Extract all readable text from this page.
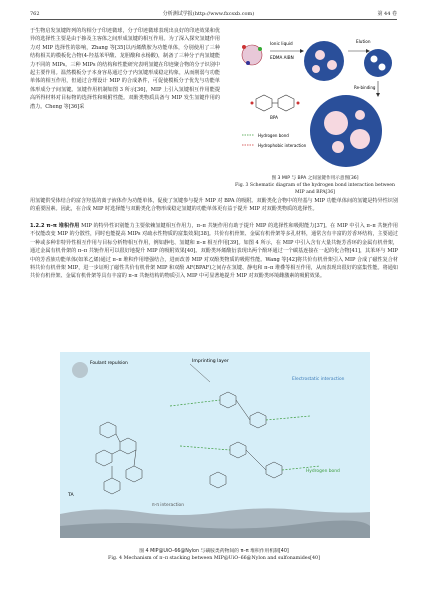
762	分析测试学报(http://www.fxcsxb.com)	第 44 卷

于生物启发氢键阵列的均相分子印迹微球，分子印迹微球表现出良好的印迹效果和优异的选择性主要是由于掺及主客体之间形成氢键的相互作用。为了深入探究氢键作用力对 MIP 选择性的影响，Zhang 等[35]以丙烯酰胺为功能单体，分别使用了三种结构相关的模板化合物(4-羟基苯甲酸、龙胆酸和水杨酸)，制备了三种分子内氢键能力不同的 MIPs。三种 MIPs 的结构和性能研究表明氢键在印迹聚合物的分子识别中起主要作用。温然模板分子本身容易通过分子内氢键形成稳定构象，从而削弱与功能单体的相互作用，但通过合理设计 MIP 的合成条件，可促使模板分子优先与功能单体形成分子间氢键。氢键作用机制如图 3 所示[36]，MIP 上引入氢键相互作用能提高所得材料对目标物的选择性和吸附性能。双酚类物质具备与 MIP 发生氢键作用的潜力。Cheng 等[36]采

Ionic liquid
EDMA AIBN
Elution
Re-binding
BPA
Hydrogen bond
Hydrophobic interaction
图 3 MIP 与 BPA 之间氢键作用示意图[36]
Fig. 3 Schematic diagram of the hydrogen bond interaction between MIP and BPA[36]
用氢键供受体结合的富含羟基的离子液体作为功能单体，促使了氢键参与提升 MIP 对 BPA 的吸附。双酚类化合物中的羟基与 MIP 功能单体间的氢键是特异性识别的重要因素。因此，在合成 MIP 时选择能与双酚类化合物形成稳定氢键的功能单体更有益于提升 MIP 对双酚类物质的选择性。
1.2.2 π–π 堆积作用 MIP 的特异性识别能力主要依赖氢键相互作用力，π–π 共轭作用有助于提升 MIP 的选择性和吸附能力[37]。在 MIP 中引入 π–π 共轭作用不仅能改变 MIP 的分散性，同时也能提高 MIPs 对疏水性物质的富集效果[38]。共价有机骨架、金属有机骨架等多孔材料，通常含有丰富的芳香环结构，主要通过一种或多种非特异性相互作用与目标分析物相互作用，例如静电、氢键和 π–π 相互作用[39]。如图 4 所示，在 MIP 中引入含有大量共轭芳香环的金属有机骨架，通过金属有机骨架的 π–π 共轭作用可以很好地提升 MIP 的吸附效果[40]。双酚类环烯酸衍表现出两个酚环通过一个碳基连接在一起的化合物[41]，其苯环与 MIP 中的芳香族功能单体(如苯乙烯)通过 π–π 堆积作用增强结合，进而改善 MIP 对双酚类物质的吸附性能。Wang 等[42]将共价有机骨架引入 MIP 合成了磁性复合材料共价有机骨架 MIP，进一步证明了磁性共价有机骨架 MIP 和双酚 AF(BPAF)之间存在氢键、静电和 π–π 堆叠等相互作用，从而表现出很好的富集性能。将通如共价有机骨架、金属有机骨架等具有丰富的 π–π 共轭结构的物质引入 MIP 中可显著地提升 MIP 对双酚类环境雌激素的吸附效果。
Imprinting layer
Foulant repulsion
Electrostatic interaction
TA
Hydrogen bond
π-π interaction
图 4 MIP@UiO–66@Nylon 与磺胺类药物间的 π–π 堆积作用机制[40]
Fig. 4 Mechanism of π–π stacking between MIP@UiO–66@Nylon and sulfonamides[40]
